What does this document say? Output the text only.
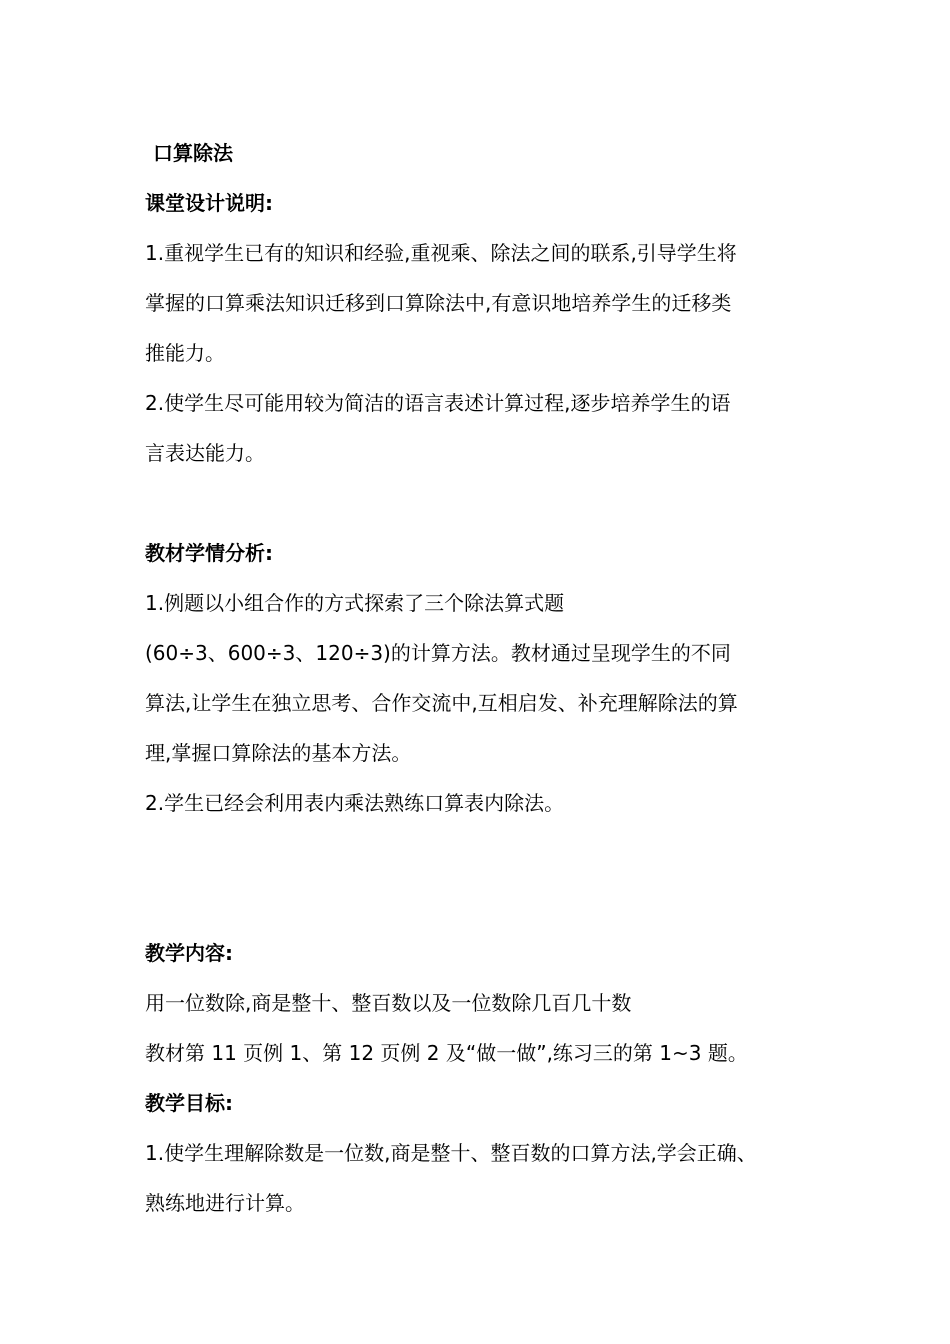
口算除法
课堂设计说明:
1.重视学生已有的知识和经验,重视乘、除法之间的联系,引导学生将
掌握的口算乘法知识迁移到口算除法中,有意识地培养学生的迁移类
推能力。
2.使学生尽可能用较为简洁的语言表述计算过程,逐步培养学生的语
言表达能力。
教材学情分析:
1.例题以小组合作的方式探索了三个除法算式题
(60÷3、600÷3、120÷3)的计算方法。教材通过呈现学生的不同
算法,让学生在独立思考、合作交流中,互相启发、补充理解除法的算
理,掌握口算除法的基本方法。
2.学生已经会利用表内乘法熟练口算表内除法。
教学内容:
用一位数除,商是整十、整百数以及一位数除几百几十数
教材第 11 页例 1、第 12 页例 2 及“做一做”,练习三的第 1~3 题。
教学目标:
1.使学生理解除数是一位数,商是整十、整百数的口算方法,学会正确、
熟练地进行计算。
